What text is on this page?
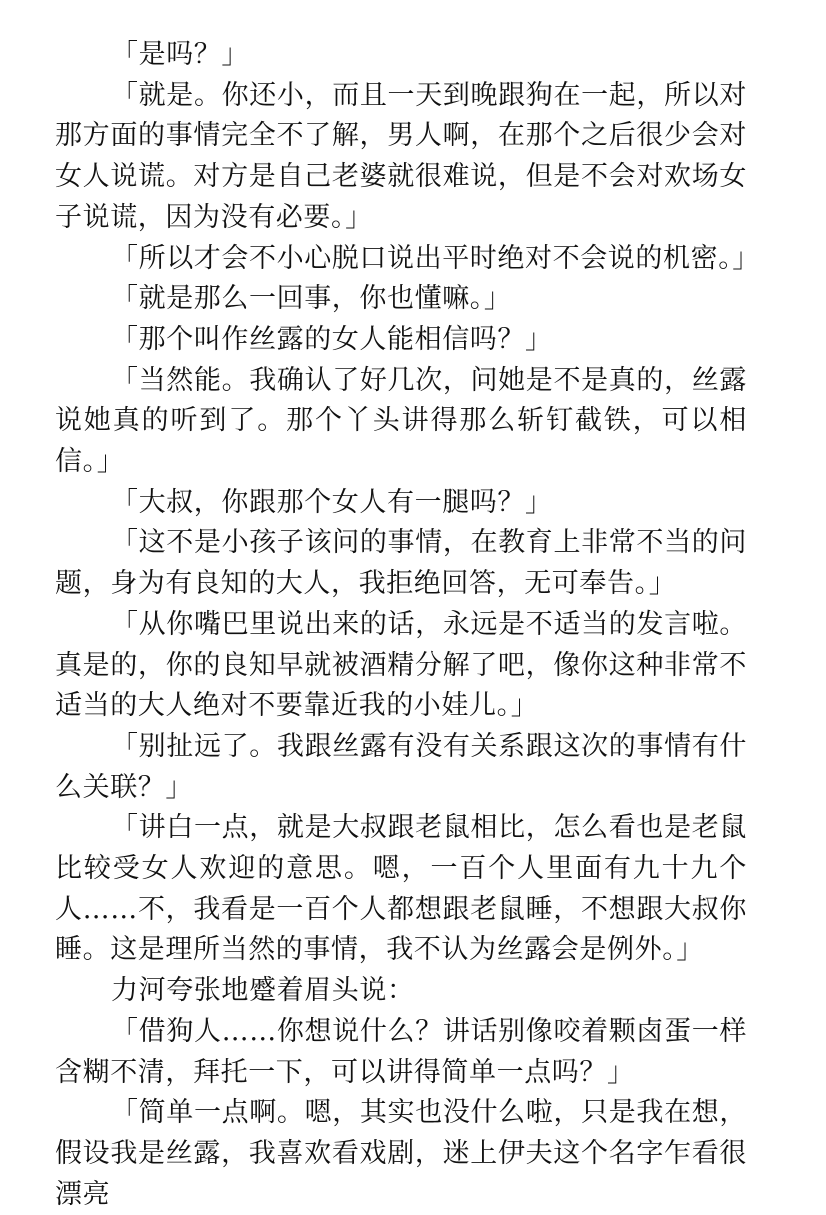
「是吗？」

「就是。你还小，而且一天到晚跟狗在一起，所以对那方面的事情完全不了解，男人啊，在那个之后很少会对女人说谎。对方是自己老婆就很难说，但是不会对欢场女子说谎，因为没有必要。」

「所以才会不小心脱口说出平时绝对不会说的机密。」

「就是那么一回事，你也懂嘛。」

「那个叫作丝露的女人能相信吗？」

「当然能。我确认了好几次，问她是不是真的，丝露说她真的听到了。那个丫头讲得那么斩钉截铁，可以相信。」

「大叔，你跟那个女人有一腿吗？」

「这不是小孩子该问的事情，在教育上非常不当的问题，身为有良知的大人，我拒绝回答，无可奉告。」

「从你嘴巴里说出来的话，永远是不适当的发言啦。真是的，你的良知早就被酒精分解了吧，像你这种非常不适当的大人绝对不要靠近我的小娃儿。」

「别扯远了。我跟丝露有没有关系跟这次的事情有什么关联？」

「讲白一点，就是大叔跟老鼠相比，怎么看也是老鼠比较受女人欢迎的意思。嗯，一百个人里面有九十九个人……不，我看是一百个人都想跟老鼠睡，不想跟大叔你睡。这是理所当然的事情，我不认为丝露会是例外。」

力河夸张地蹙着眉头说：

「借狗人……你想说什么？讲话别像咬着颗卤蛋一样含糊不清，拜托一下，可以讲得简单一点吗？」

「简单一点啊。嗯，其实也没什么啦，只是我在想，假设我是丝露，我喜欢看戏剧，迷上伊夫这个名字乍看很漂亮
